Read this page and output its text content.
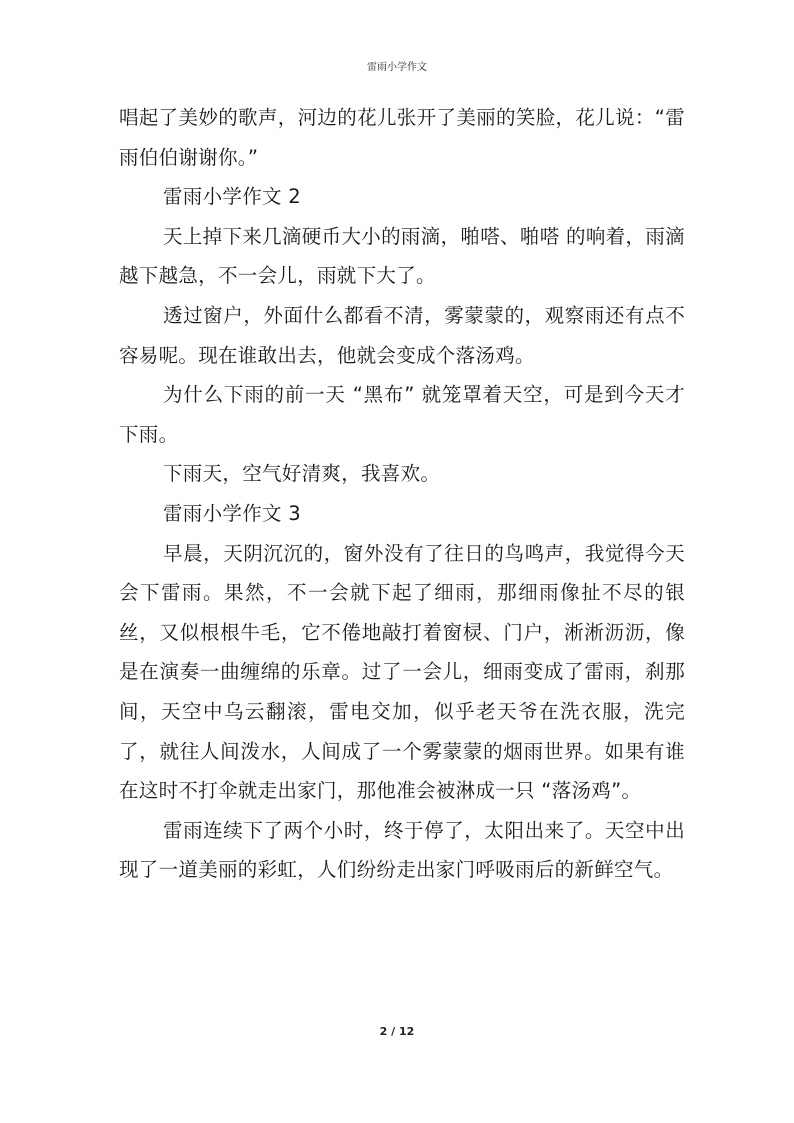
雷雨小学作文

唱起了美妙的歌声，河边的花儿张开了美丽的笑脸，花儿说：“雷雨伯伯谢谢你。”

雷雨小学作文 2

天上掉下来几滴硬币大小的雨滴，啪嗒、啪嗒 的响着，雨滴越下越急，不一会儿，雨就下大了。

透过窗户，外面什么都看不清，雾蒙蒙的，观察雨还有点不容易呢。现在谁敢出去，他就会变成个落汤鸡。

为什么下雨的前一天 “黑布” 就笼罩着天空，可是到今天才下雨。

下雨天，空气好清爽，我喜欢。

雷雨小学作文 3

早晨，天阴沉沉的，窗外没有了往日的鸟鸣声，我觉得今天会下雷雨。果然，不一会就下起了细雨，那细雨像扯不尽的银丝，又似根根牛毛，它不倦地敲打着窗棂、门户，淅淅沥沥，像是在演奏一曲缠绵的乐章。过了一会儿，细雨变成了雷雨，刹那间，天空中乌云翻滚，雷电交加，似乎老天爷在洗衣服，洗完了，就往人间泼水，人间成了一个雾蒙蒙的烟雨世界。如果有谁在这时不打伞就走出家门，那他准会被淋成一只 “落汤鸡”。

雷雨连续下了两个小时，终于停了，太阳出来了。天空中出现了一道美丽的彩虹，人们纷纷走出家门呼吸雨后的新鲜空气。

2 / 12
